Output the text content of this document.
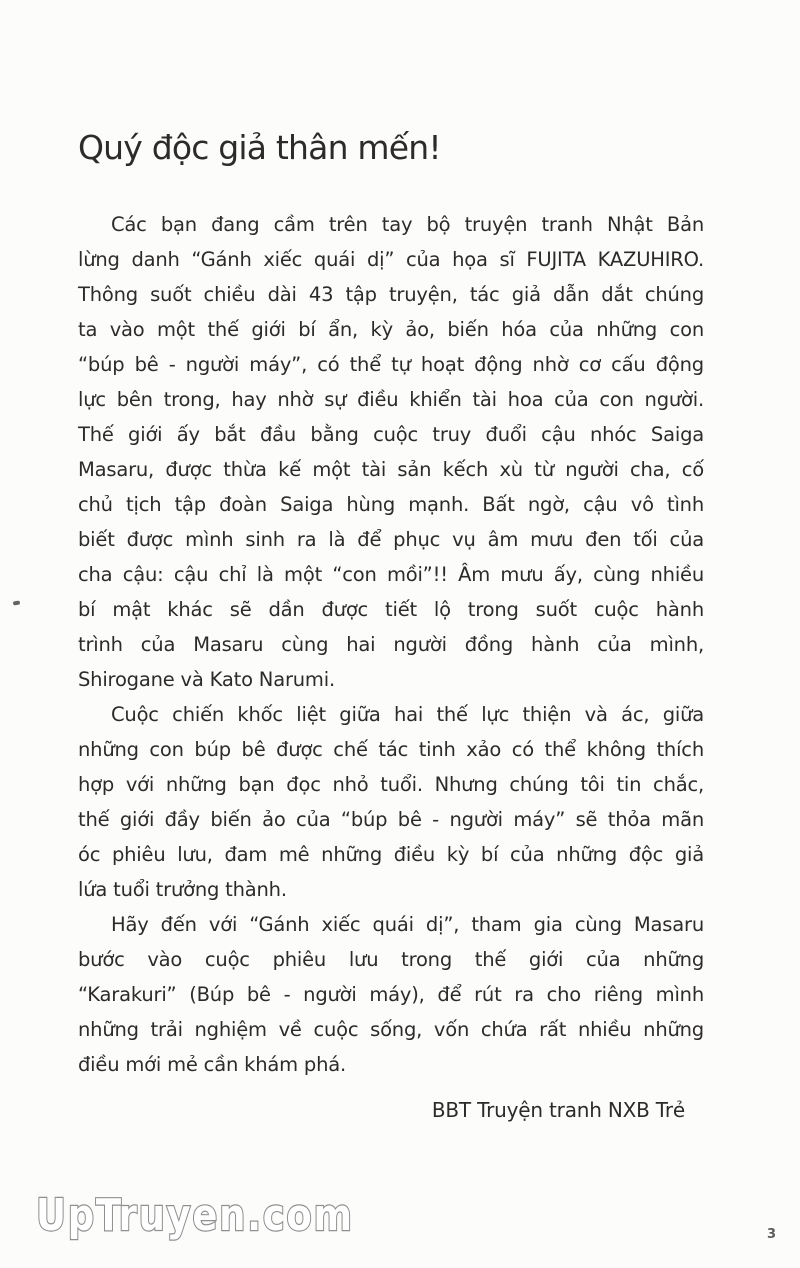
Quý độc giả thân mến!
Các bạn đang cầm trên tay bộ truyện tranh Nhật Bản
lừng danh “Gánh xiếc quái dị” của họa sĩ FUJITA KAZUHIRO.
Thông suốt chiều dài 43 tập truyện, tác giả dẫn dắt chúng
ta vào một thế giới bí ẩn, kỳ ảo, biến hóa của những con
“búp bê - người máy”, có thể tự hoạt động nhờ cơ cấu động
lực bên trong, hay nhờ sự điều khiển tài hoa của con người.
Thế giới ấy bắt đầu bằng cuộc truy đuổi cậu nhóc Saiga
Masaru, được thừa kế một tài sản kếch xù từ người cha, cố
chủ tịch tập đoàn Saiga hùng mạnh. Bất ngờ, cậu vô tình
biết được mình sinh ra là để phục vụ âm mưu đen tối của
cha cậu: cậu chỉ là một “con mồi”!! Âm mưu ấy, cùng nhiều
bí mật khác sẽ dần được tiết lộ trong suốt cuộc hành
trình của Masaru cùng hai người đồng hành của mình,
Shirogane và Kato Narumi.
Cuộc chiến khốc liệt giữa hai thế lực thiện và ác, giữa
những con búp bê được chế tác tinh xảo có thể không thích
hợp với những bạn đọc nhỏ tuổi. Nhưng chúng tôi tin chắc,
thế giới đầy biến ảo của “búp bê - người máy” sẽ thỏa mãn
óc phiêu lưu, đam mê những điều kỳ bí của những độc giả
lứa tuổi trưởng thành.
Hãy đến với “Gánh xiếc quái dị”, tham gia cùng Masaru
bước vào cuộc phiêu lưu trong thế giới của những
“Karakuri” (Búp bê - người máy), để rút ra cho riêng mình
những trải nghiệm về cuộc sống, vốn chứa rất nhiều những
điều mới mẻ cần khám phá.
BBT Truyện tranh NXB Trẻ
UpTruyen.com	3
